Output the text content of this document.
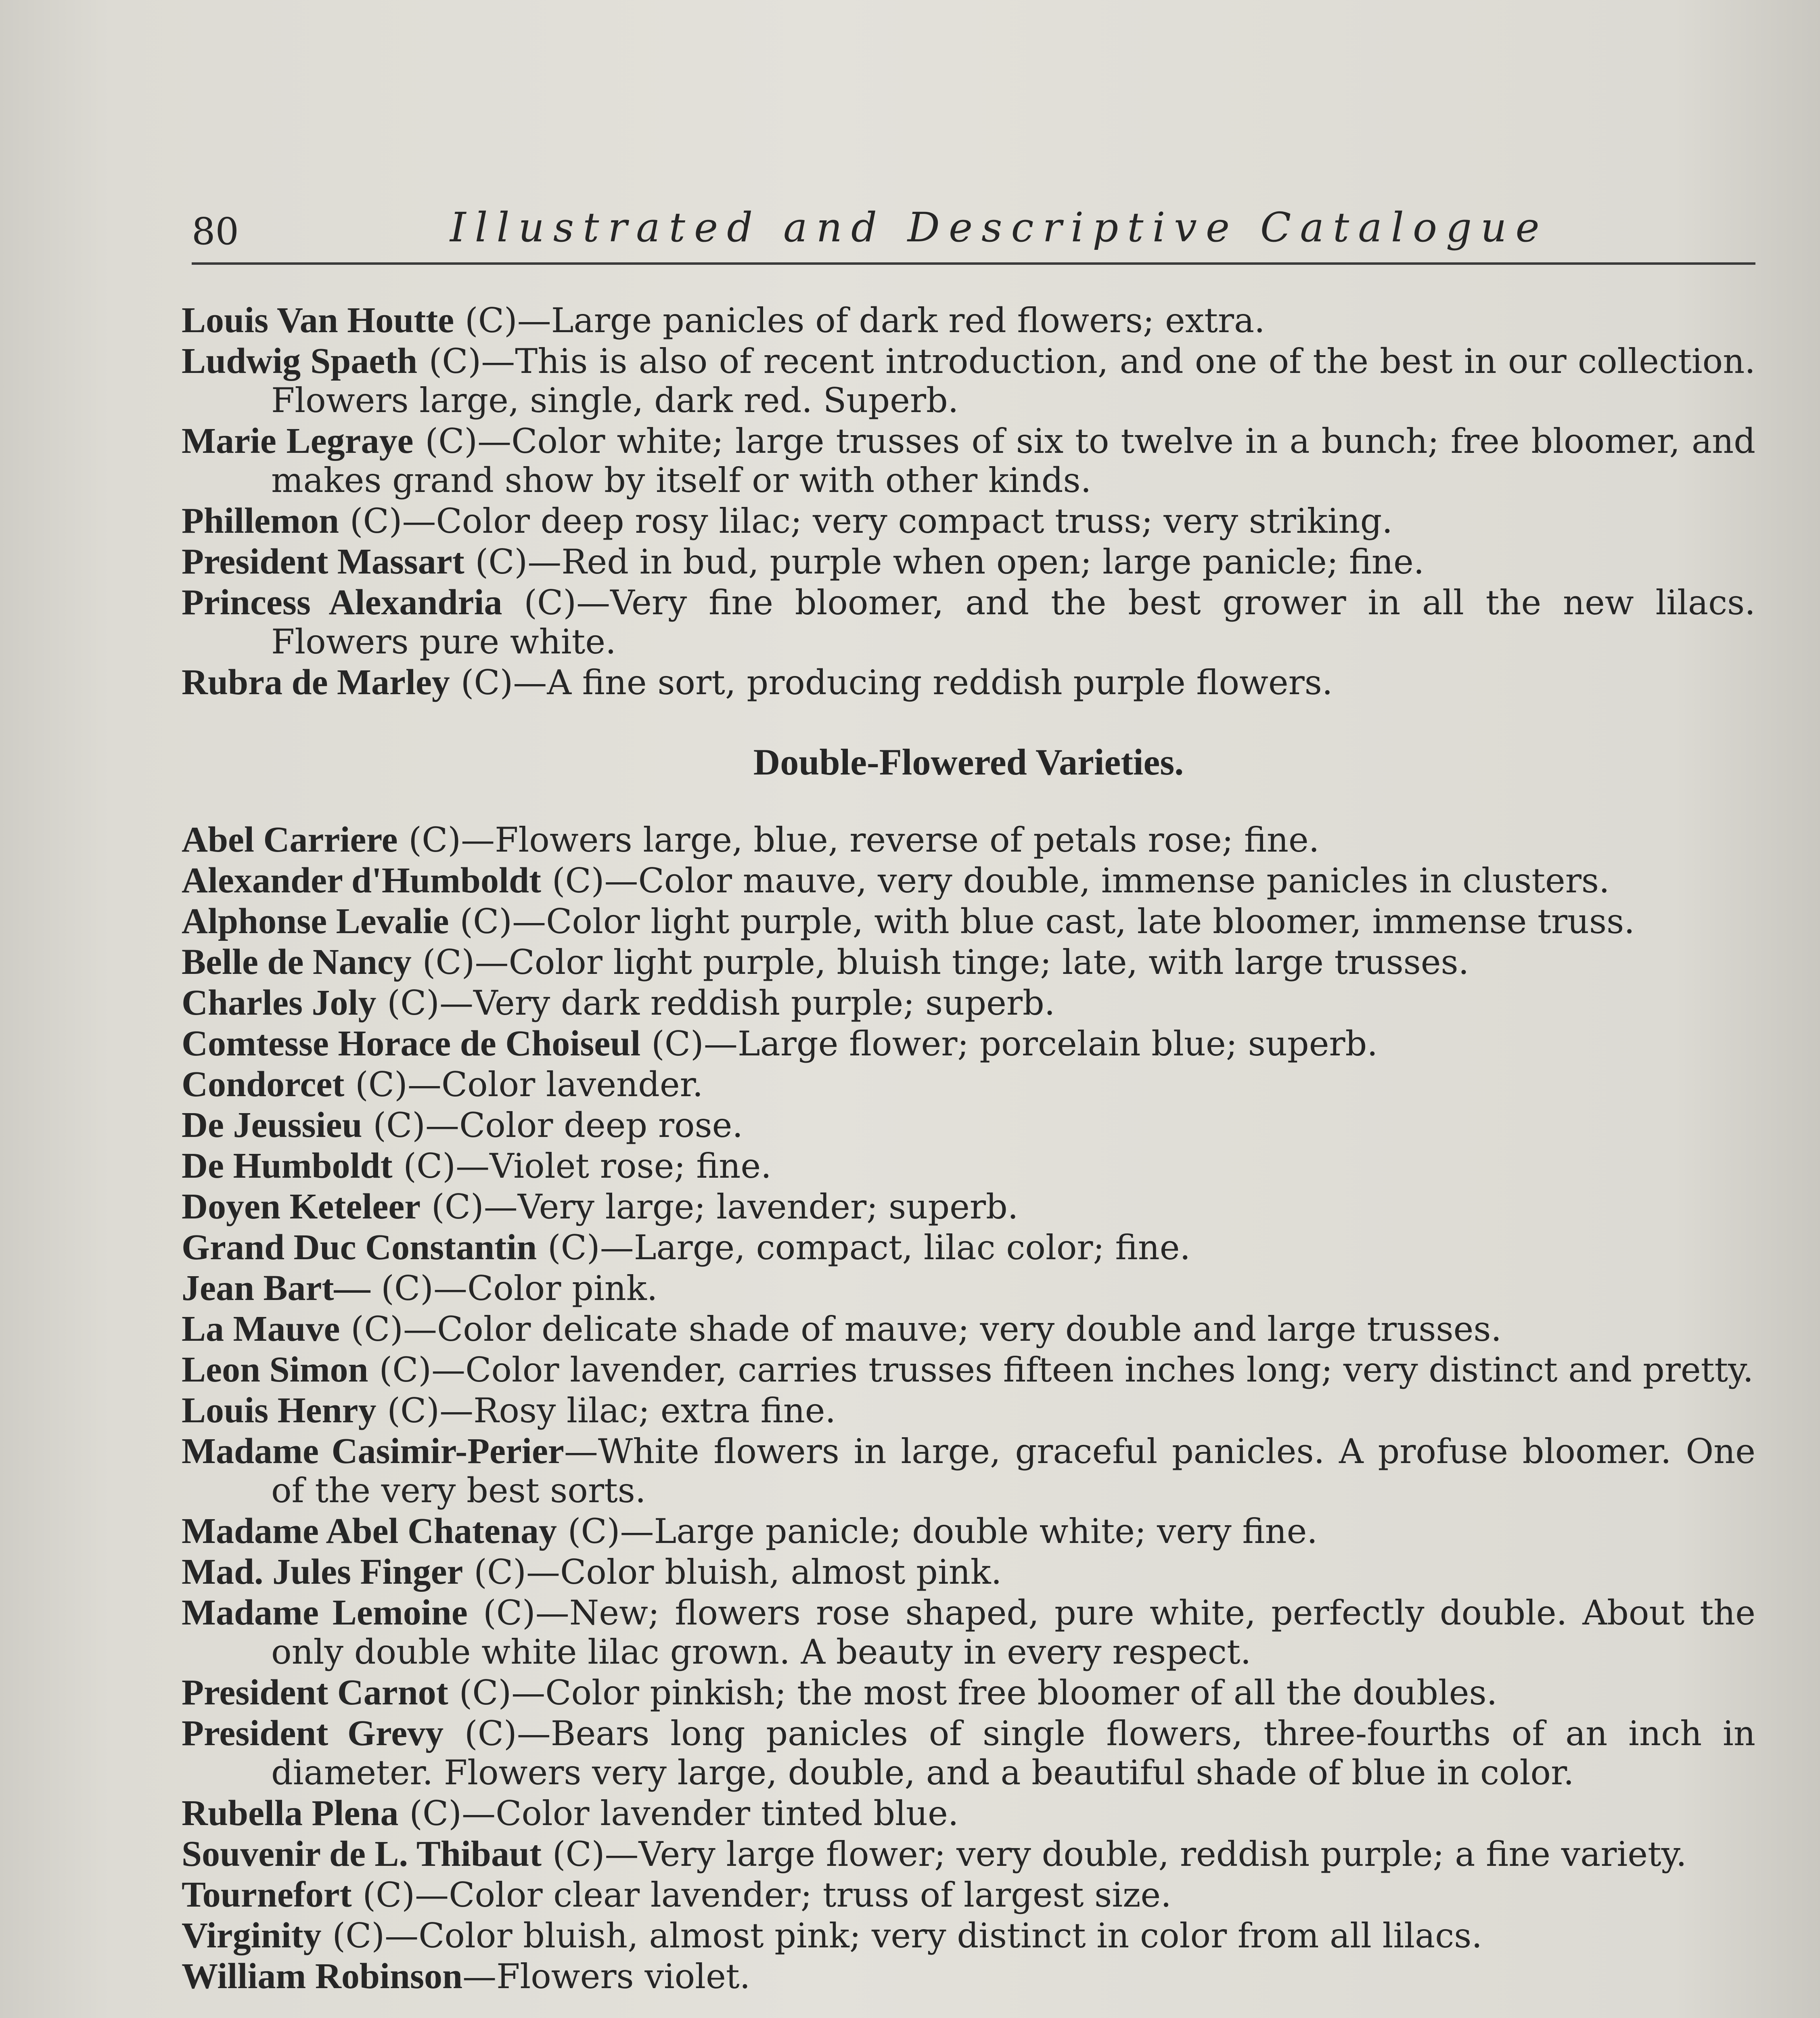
80	Illustrated and Descriptive Catalogue

Louis Van Houtte (C)—Large panicles of dark red flowers; extra.

Ludwig Spaeth (C)—This is also of recent introduction, and one of the best in our collection. Flowers large, single, dark red. Superb.

Marie Legraye (C)—Color white; large trusses of six to twelve in a bunch; free bloomer, and makes grand show by itself or with other kinds.

Phillemon (C)—Color deep rosy lilac; very compact truss; very striking.

President Massart (C)—Red in bud, purple when open; large panicle; fine.

Princess Alexandria (C)—Very fine bloomer, and the best grower in all the new lilacs. Flowers pure white.

Rubra de Marley (C)—A fine sort, producing reddish purple flowers.

Double-Flowered Varieties.

Abel Carriere (C)—Flowers large, blue, reverse of petals rose; fine.

Alexander d'Humboldt (C)—Color mauve, very double, immense panicles in clusters.

Alphonse Levalie (C)—Color light purple, with blue cast, late bloomer, immense truss.

Belle de Nancy (C)—Color light purple, bluish tinge; late, with large trusses.

Charles Joly (C)—Very dark reddish purple; superb.

Comtesse Horace de Choiseul (C)—Large flower; porcelain blue; superb.

Condorcet (C)—Color lavender.

De Jeussieu (C)—Color deep rose.

De Humboldt (C)—Violet rose; fine.

Doyen Keteleer (C)—Very large; lavender; superb.

Grand Duc Constantin (C)—Large, compact, lilac color; fine.

Jean Bart— (C)—Color pink.

La Mauve (C)—Color delicate shade of mauve; very double and large trusses.

Leon Simon (C)—Color lavender, carries trusses fifteen inches long; very distinct and pretty.

Louis Henry (C)—Rosy lilac; extra fine.

Madame Casimir-Perier—White flowers in large, graceful panicles. A profuse bloomer. One of the very best sorts.

Madame Abel Chatenay (C)—Large panicle; double white; very fine.

Mad. Jules Finger (C)—Color bluish, almost pink.

Madame Lemoine (C)—New; flowers rose shaped, pure white, perfectly double. About the only double white lilac grown. A beauty in every respect.

President Carnot (C)—Color pinkish; the most free bloomer of all the doubles.

President Grevy (C)—Bears long panicles of single flowers, three-fourths of an inch in diameter. Flowers very large, double, and a beautiful shade of blue in color.

Rubella Plena (C)—Color lavender tinted blue.

Souvenir de L. Thibaut (C)—Very large flower; very double, reddish purple; a fine variety.

Tournefort (C)—Color clear lavender; truss of largest size.

Virginity (C)—Color bluish, almost pink; very distinct in color from all lilacs.

William Robinson—Flowers violet.
